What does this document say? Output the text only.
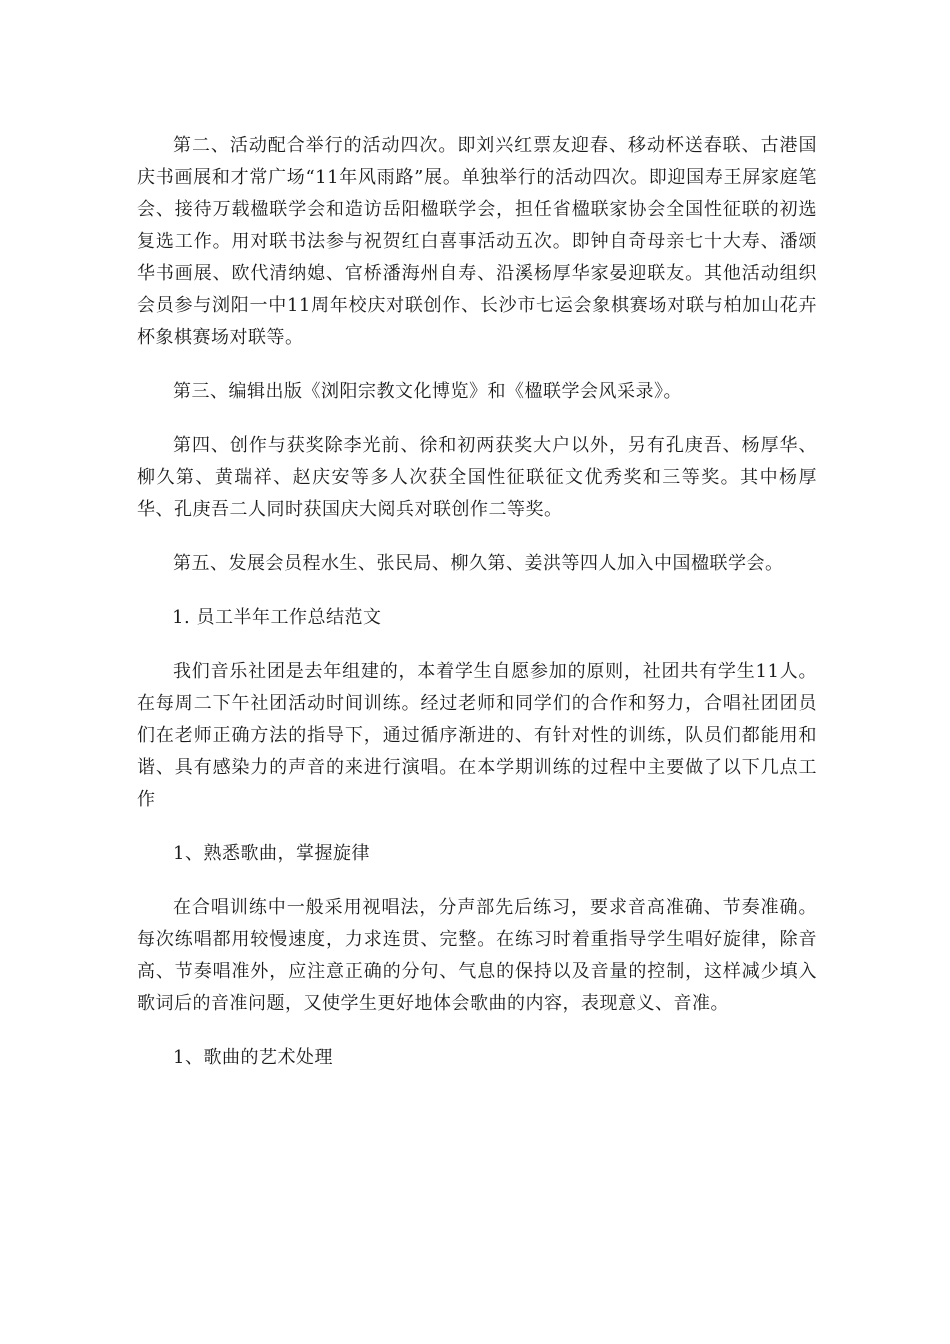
第二、活动配合举行的活动四次。即刘兴红票友迎春、移动杯送春联、古港国庆书画展和才常广场“11年风雨路”展。单独举行的活动四次。即迎国寿王屏家庭笔会、接待万载楹联学会和造访岳阳楹联学会，担任省楹联家协会全国性征联的初选复选工作。用对联书法参与祝贺红白喜事活动五次。即钟自奇母亲七十大寿、潘颂华书画展、欧代清纳媳、官桥潘海州自寿、沿溪杨厚华家晏迎联友。其他活动组织会员参与浏阳一中11周年校庆对联创作、长沙市七运会象棋赛场对联与柏加山花卉杯象棋赛场对联等。

第三、编辑出版《浏阳宗教文化博览》和《楹联学会风采录》。

第四、创作与获奖除李光前、徐和初两获奖大户以外，另有孔庚吾、杨厚华、柳久第、黄瑞祥、赵庆安等多人次获全国性征联征文优秀奖和三等奖。其中杨厚华、孔庚吾二人同时获国庆大阅兵对联创作二等奖。

第五、发展会员程水生、张民局、柳久第、姜洪等四人加入中国楹联学会。

1. 员工半年工作总结范文

我们音乐社团是去年组建的，本着学生自愿参加的原则，社团共有学生11人。在每周二下午社团活动时间训练。经过老师和同学们的合作和努力，合唱社团团员们在老师正确方法的指导下，通过循序渐进的、有针对性的训练，队员们都能用和谐、具有感染力的声音的来进行演唱。在本学期训练的过程中主要做了以下几点工作

1、熟悉歌曲，掌握旋律

在合唱训练中一般采用视唱法，分声部先后练习，要求音高准确、节奏准确。每次练唱都用较慢速度，力求连贯、完整。在练习时着重指导学生唱好旋律，除音高、节奏唱准外，应注意正确的分句、气息的保持以及音量的控制，这样减少填入歌词后的音准问题，又使学生更好地体会歌曲的内容，表现意义、音准。

1、歌曲的艺术处理
